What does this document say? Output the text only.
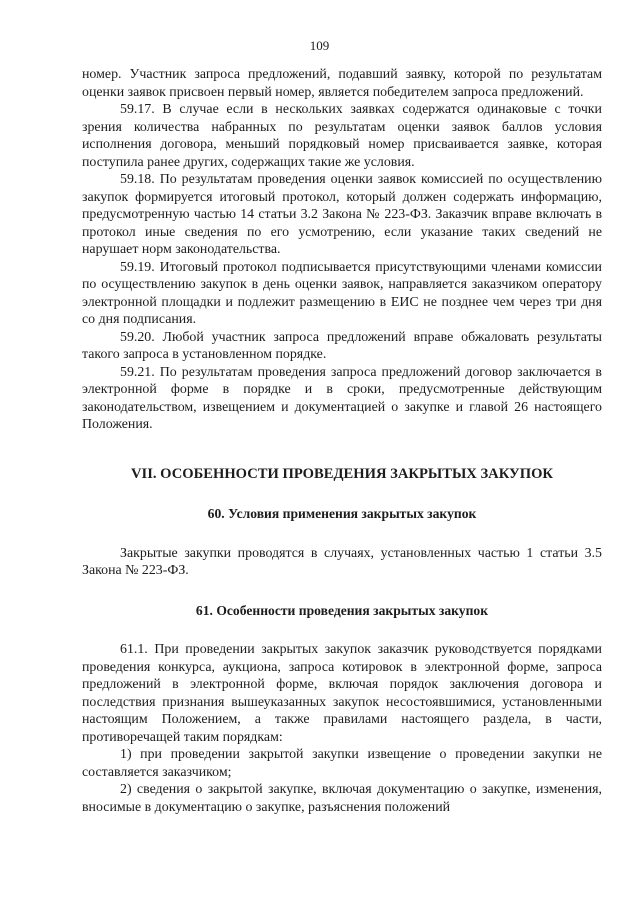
109

номер. Участник запроса предложений, подавший заявку, которой по результатам оценки заявок присвоен первый номер, является победителем запроса предложений.

59.17. В случае если в нескольких заявках содержатся одинаковые с точки зрения количества набранных по результатам оценки заявок баллов условия исполнения договора, меньший порядковый номер присваивается заявке, которая поступила ранее других, содержащих такие же условия.

59.18. По результатам проведения оценки заявок комиссией по осуществлению закупок формируется итоговый протокол, который должен содержать информацию, предусмотренную частью 14 статьи 3.2 Закона № 223-ФЗ. Заказчик вправе включать в протокол иные сведения по его усмотрению, если указание таких сведений не нарушает норм законодательства.

59.19. Итоговый протокол подписывается присутствующими членами комиссии по осуществлению закупок в день оценки заявок, направляется заказчиком оператору электронной площадки и подлежит размещению в ЕИС не позднее чем через три дня со дня подписания.

59.20. Любой участник запроса предложений вправе обжаловать результаты такого запроса в установленном порядке.

59.21. По результатам проведения запроса предложений договор заключается в электронной форме в порядке и в сроки, предусмотренные действующим законодательством, извещением и документацией о закупке и главой 26 настоящего Положения.

VII. ОСОБЕННОСТИ ПРОВЕДЕНИЯ ЗАКРЫТЫХ ЗАКУПОК

60. Условия применения закрытых закупок

Закрытые закупки проводятся в случаях, установленных частью 1 статьи 3.5 Закона № 223-ФЗ.

61. Особенности проведения закрытых закупок

61.1. При проведении закрытых закупок заказчик руководствуется порядками проведения конкурса, аукциона, запроса котировок в электронной форме, запроса предложений в электронной форме, включая порядок заключения договора и последствия признания вышеуказанных закупок несостоявшимися, установленными настоящим Положением, а также правилами настоящего раздела, в части, противоречащей таким порядкам:

1) при проведении закрытой закупки извещение о проведении закупки не составляется заказчиком;

2) сведения о закрытой закупке, включая документацию о закупке, изменения, вносимые в документацию о закупке, разъяснения положений
